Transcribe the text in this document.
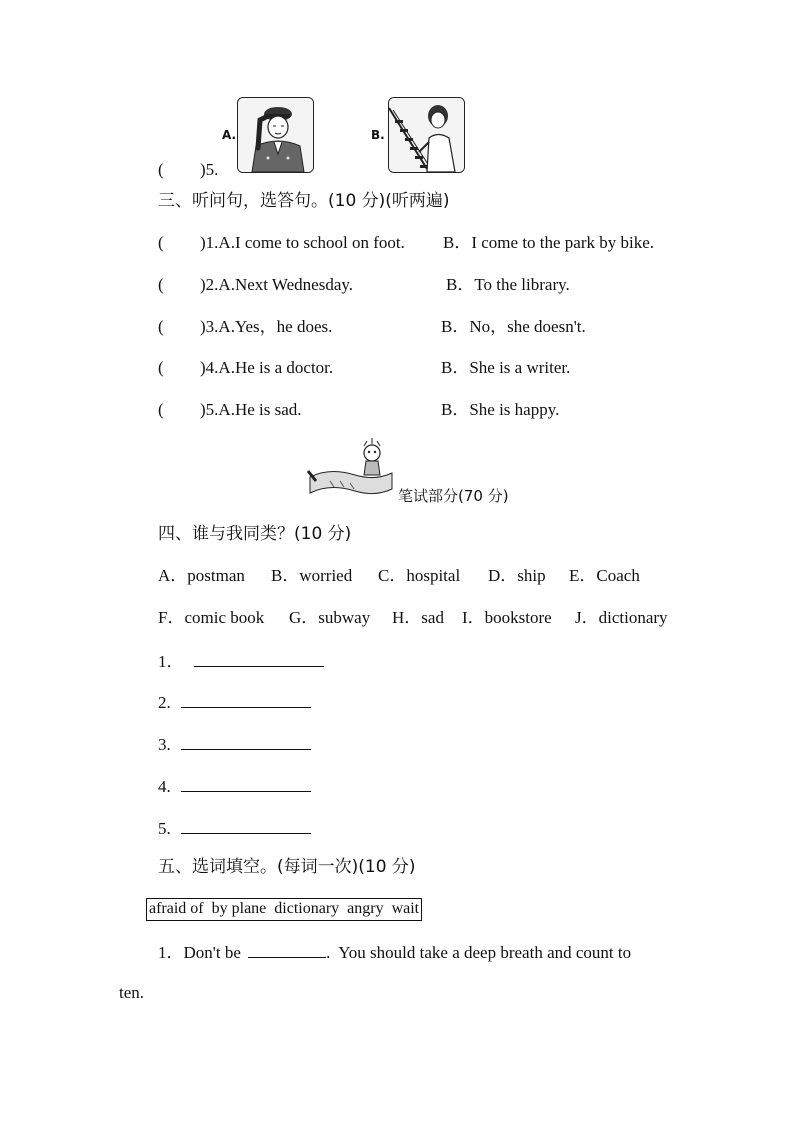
A.	B.
( )5.
三、听问句，选答句。(10 分)(听两遍)
( )1.A.I come to school on foot. B．I come to the park by bike.
( )2.A.Next Wednesday.	B．To the library.
( )3.A.Yes，he does.	B．No，she doesn't.
( )4.A.He is a doctor.	B．She is a writer.
( )5.A.He is sad.	B．She is happy.
笔试部分(70 分)
四、谁与我同类？(10 分)
A．postman B．worried C．hospital D．ship E．Coach
F．comic book G．subway H．sad I．bookstore J．dictionary
1．
2.
3.
4.
5.
五、选词填空。(每词一次)(10 分)
afraid of  by plane  dictionary  angry  wait
1．Don't be	.  You should take a deep breath and count to
ten.
